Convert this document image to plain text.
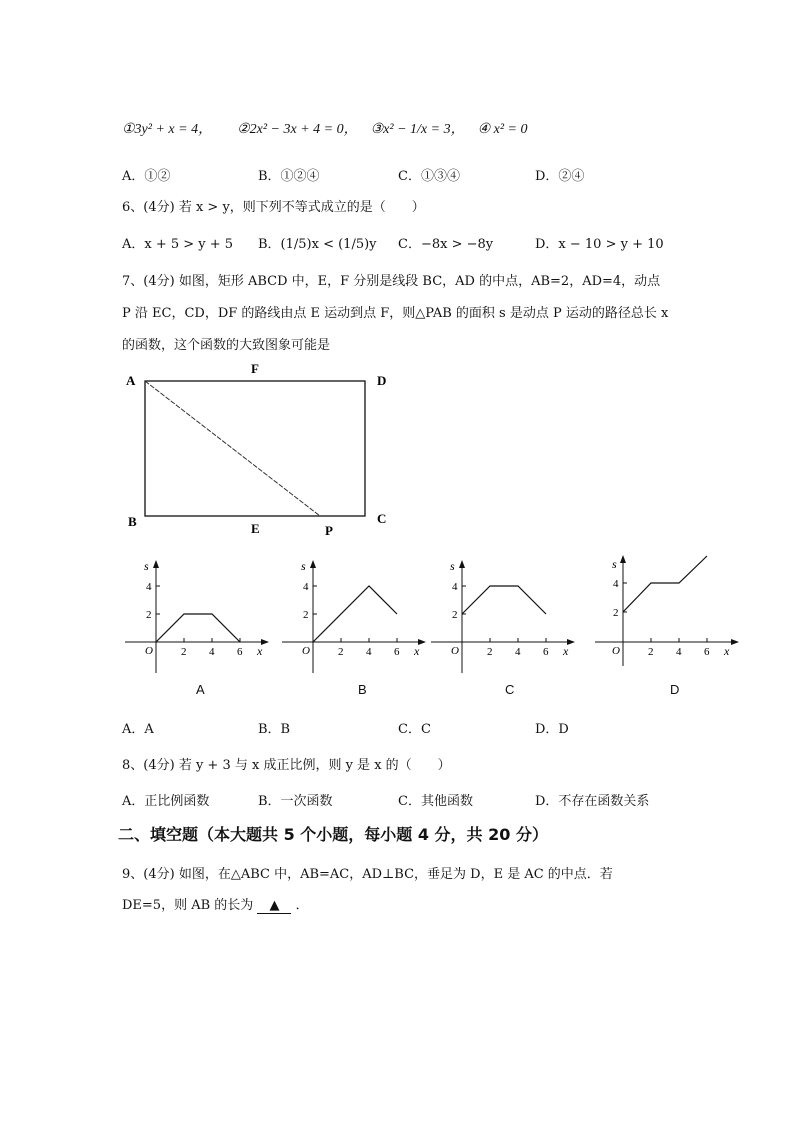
①3y² + x = 4， ②2x² − 3x + 4 = 0， ③x² − 1/x = 3， ④ x² = 0
A．①②	B．①②④	C．①③④	D．②④
6、(4分) 若 x > y，则下列不等式成立的是（　　）
A．x + 5 > y + 5 B．(1/5)x < (1/5)y C．−8x > −8y	D．x − 10 > y + 10
7、(4分) 如图，矩形 ABCD 中，E，F 分别是线段 BC，AD 的中点，AB=2，AD=4，动点
P 沿 EC，CD，DF 的路线由点 E 运动到点 F，则△PAB 的面积 s 是动点 P 运动的路径总长 x
的函数，这个函数的大致图象可能是
A
F
D
B	E	P
C
s
4
2
O	2 4 6 x
A
s
4
2
O	2 4 6 x
B
s
4
2
O	2 4 6 x
C
s
4
2
O	2 4 6 x
D
A．A	B．B	C．C	D．D
8、(4分) 若 y + 3 与 x 成正比例，则 y 是 x 的（　　）
A．正比例函数	B．一次函数	C．其他函数	D．不存在函数关系
二、填空题（本大题共 5 个小题，每小题 4 分，共 20 分）
9、(4分) 如图，在△ABC 中，AB=AC，AD⊥BC，垂足为 D，E 是 AC 的中点．若
DE=5，则 AB 的长为 ▲ ．
